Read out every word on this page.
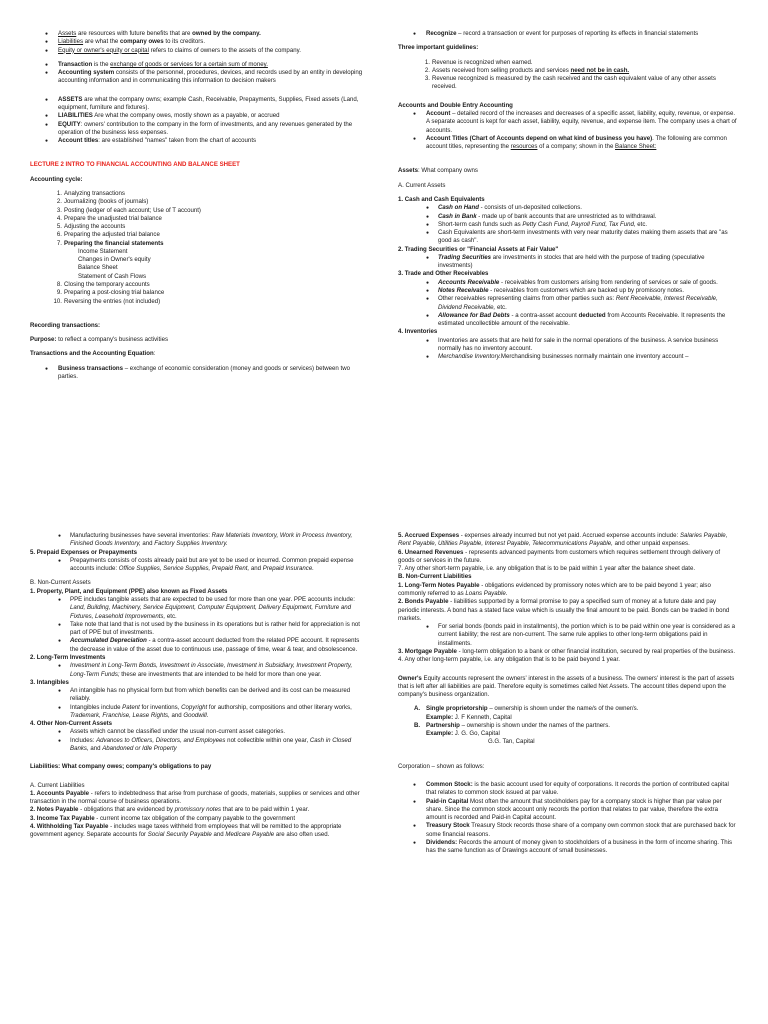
● Assets are resources with future benefits that are owned by the company.

● Liabilities are what the company owes to its creditors.

● Equity or owner's equity or capital refers to claims of owners to the assets of the company.

● Transaction is the exchange of goods or services for a certain sum of money.

● Accounting system consists of the personnel, procedures, devices, and records used by an entity in developing accounting information and in communicating this information to decision makers

● ASSETS are what the company owns; example Cash, Receivable, Prepayments, Supplies, Fixed assets (Land, equipment, furniture and fixtures).

● LIABILITIES Are what the company owes, mostly shown as a payable, or accrued

● EQUITY: owners' contribution to the company in the form of investments, and any revenues generated by the operation of the business less expenses.

● Account titles: are established "names" taken from the chart of accounts

LECTURE 2 INTRO TO FINANCIAL ACCOUNTING AND BALANCE SHEET

Accounting cycle:

1. Analyzing transactions

2. Journalizing (books of journals)

3. Posting (ledger of each account; Use of T account)

4. Prepare the unadjusted trial balance

5. Adjusting the accounts

6. Preparing the adjusted trial balance

7. Preparing the financial statements

Income Statement

Changes in Owner's equity

Balance Sheet

Statement of Cash Flows

8. Closing the temporary accounts

9. Preparing a post-closing trial balance

10. Reversing the entries (not included)

Recording transactions:

Purpose: to reflect a company's business activities

Transactions and the Accounting Equation:

● Business transactions – exchange of economic consideration (money and goods or services) between two parties.

● Recognize – record a transaction or event for purposes of reporting its effects in financial statements

Three important guidelines:

1. Revenue is recognized when earned.

2. Assets received from selling products and services need not be in cash.

3. Revenue recognized is measured by the cash received and the cash equivalent value of any other assets received.

Accounts and Double Entry Accounting

● Account – detailed record of the increases and decreases of a specific asset, liability, equity, revenue, or expense. A separate account is kept for each asset, liability, equity, revenue, and expense item. The company uses a chart of accounts.

● Account Titles (Chart of Accounts depend on what kind of business you have). The following are common account titles, representing the resources of a company; shown in the Balance Sheet:

Assets: What company owns

A. Current Assets

1. Cash and Cash Equivalents

● Cash on Hand - consists of un-deposited collections.

● Cash in Bank - made up of bank accounts that are unrestricted as to withdrawal.

● Short-term cash funds such as Petty Cash Fund, Payroll Fund, Tax Fund, etc.

● Cash Equivalents are short-term investments with very near maturity dates making them assets that are "as good as cash".

2. Trading Securities or "Financial Assets at Fair Value"

● Trading Securities are investments in stocks that are held with the purpose of trading (speculative investments)

3. Trade and Other Receivables

● Accounts Receivable - receivables from customers arising from rendering of services or sale of goods.

● Notes Receivable - receivables from customers which are backed up by promissory notes.

● Other receivables representing claims from other parties such as: Rent Receivable, Interest Receivable, Dividend Receivable, etc.

● Allowance for Bad Debts - a contra-asset account deducted from Accounts Receivable. It represents the estimated uncollectible amount of the receivable.

4. Inventories

● Inventories are assets that are held for sale in the normal operations of the business. A service business normally has no inventory account.

● Merchandise Inventory.Merchandising businesses normally maintain one inventory account –

● Manufacturing businesses have several inventories: Raw Materials Inventory, Work in Process Inventory, Finished Goods Inventory, and Factory Supplies Inventory.

5. Prepaid Expenses or Prepayments

● Prepayments consists of costs already paid but are yet to be used or incurred. Common prepaid expense accounts include: Office Supplies, Service Supplies, Prepaid Rent, and Prepaid Insurance.

B. Non-Current Assets

1. Property, Plant, and Equipment (PPE) also known as Fixed Assets

● PPE includes tangible assets that are expected to be used for more than one year. PPE accounts include: Land, Building, Machinery, Service Equipment, Computer Equipment, Delivery Equipment, Furniture and Fixtures, Leasehold Improvements, etc.

● Take note that land that is not used by the business in its operations but is rather held for appreciation is not part of PPE but of investments.

● Accumulated Depreciation - a contra-asset account deducted from the related PPE account. It represents the decrease in value of the asset due to continuous use, passage of time, wear & tear, and obsolescence.

2. Long-Term Investments

● Investment in Long-Term Bonds, Investment in Associate, Investment in Subsidiary, Investment Property, Long-Term Funds; these are investments that are intended to be held for more than one year.

3. Intangibles

● An intangible has no physical form but from which benefits can be derived and its cost can be measured reliably.

● Intangibles include Patent for inventions, Copyright for authorship, compositions and other literary works, Trademark, Franchise, Lease Rights, and Goodwill.

4. Other Non-Current Assets

● Assets which cannot be classified under the usual non-current asset categories.

● Includes: Advances to Officers, Directors, and Employees not collectible within one year, Cash in Closed Banks, and Abandoned or Idle Property

Liabilities: What company owes; company's obligations to pay

A. Current Liabilities

1. Accounts Payable - refers to indebtedness that arise from purchase of goods, materials, supplies or services and other transaction in the normal course of business operations.

2. Notes Payable - obligations that are evidenced by promissory notes that are to be paid within 1 year.

3. Income Tax Payable - current income tax obligation of the company payable to the government

4. Withholding Tax Payable - includes wage taxes withheld from employees that will be remitted to the appropriate government agency. Separate accounts for Social Security Payable and Medicare Payable are also often used.

5. Accrued Expenses - expenses already incurred but not yet paid. Accrued expense accounts include: Salaries Payable, Rent Payable, Utilities Payable, Interest Payable, Telecommunications Payable, and other unpaid expenses.

6. Unearned Revenues - represents advanced payments from customers which requires settlement through delivery of goods or services in the future.

7. Any other short-term payable, i.e. any obligation that is to be paid within 1 year after the balance sheet date.

B. Non-Current Liabilities

1. Long-Term Notes Payable - obligations evidenced by promissory notes which are to be paid beyond 1 year; also commonly referred to as Loans Payable.

2. Bonds Payable - liabilities supported by a formal promise to pay a specified sum of money at a future date and pay periodic interests. A bond has a stated face value which is usually the final amount to be paid. Bonds can be traded in bond markets.

● For serial bonds (bonds paid in installments), the portion which is to be paid within one year is considered as a current liability; the rest are non-current. The same rule applies to other long-term obligations paid in installments.

3. Mortgage Payable - long-term obligation to a bank or other financial institution, secured by real properties of the business.

4. Any other long-term payable, i.e. any obligation that is to be paid beyond 1 year.

Owner's Equity accounts represent the owners' interest in the assets of a business. The owners' interest is the part of assets that is left after all liabilities are paid. Therefore equity is sometimes called Net Assets. The account titles depend upon the company's business organization.

A. Single proprietorship – ownership is shown under the name/s of the owner/s.

Example: J. F Kenneth, Capital

B. Partnership – ownership is shown under the names of the partners.

Example: J. G. Go, Capital

G.G. Tan, Capital

Corporation – shown as follows:

● Common Stock: is the basic account used for equity of corporations. It records the portion of contributed capital that relates to common stock issued at par value.

● Paid-in Capital Most often the amount that stockholders pay for a company stock is higher than par value per share. Since the common stock account only records the portion that relates to par value, therefore the extra amount is recorded and Paid-in Capital account.

● Treasury Stock Treasury Stock records those share of a company own common stock that are purchased back for some financial reasons.

● Dividends: Records the amount of money given to stockholders of a business in the form of income sharing. This has the same function as of Drawings account of small businesses.
